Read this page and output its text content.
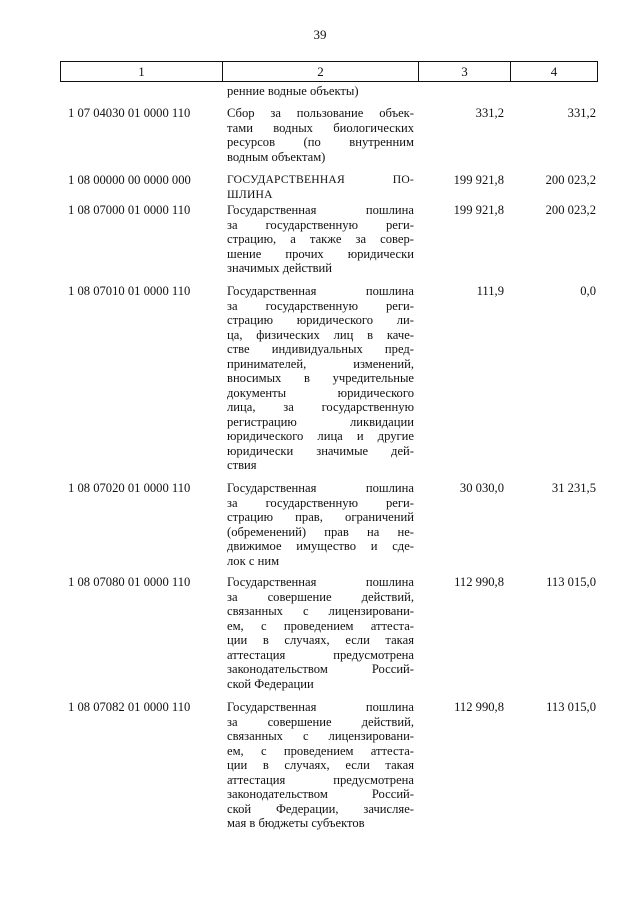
39
1	2	3	4
ренние водные объекты)
1 07 04030 01 0000 110	Сбор за пользование объек-
тами водных биологических
ресурсов (по внутренним
водным объектам)
331,2	331,2
1 08 00000 00 0000 000	ГОСУДАРСТВЕННАЯ ПО-
ШЛИНА
199 921,8	200 023,2
1 08 07000 01 0000 110	Государственная пошлина
за государственную реги-
страцию, а также за совер-
шение прочих юридически
значимых действий
199 921,8	200 023,2
1 08 07010 01 0000 110	Государственная пошлина
за государственную реги-
страцию юридического ли-
ца, физических лиц в каче-
стве индивидуальных пред-
принимателей, изменений,
вносимых в учредительные
документы юридического
лица, за государственную
регистрацию ликвидации
юридического лица и другие
юридически значимые дей-
ствия
111,9	0,0
1 08 07020 01 0000 110	Государственная пошлина
за государственную реги-
страцию прав, ограничений
(обременений) прав на не-
движимое имущество и сде-
лок с ним
30 030,0	31 231,5
1 08 07080 01 0000 110	Государственная пошлина
за совершение действий,
связанных с лицензировани-
ем, с проведением аттеста-
ции в случаях, если такая
аттестация предусмотрена
законодательством Россий-
ской Федерации
112 990,8	113 015,0
1 08 07082 01 0000 110	Государственная пошлина
за совершение действий,
связанных с лицензировани-
ем, с проведением аттеста-
ции в случаях, если такая
аттестация предусмотрена
законодательством Россий-
ской Федерации, зачисляе-
мая в бюджеты субъектов
112 990,8	113 015,0
